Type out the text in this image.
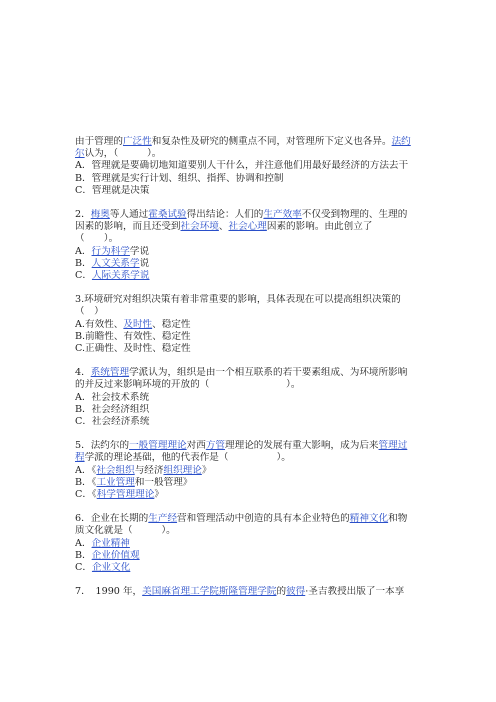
由于管理的广泛性和复杂性及研究的侧重点不同，对管理所下定义也各异。法约
尔认为，（　　　）。
A．管理就是要确切地知道要别人干什么，并注意他们用最好最经济的方法去干
B．管理就是实行计划、组织、指挥、协调和控制
C．管理就是决策
2．梅奥等人通过霍桑试验得出结论：人们的生产效率不仅受到物理的、生理的
因素的影响，而且还受到社会环境、社会心理因素的影响。由此创立了
（　　）。
A．行为科学学说
B．人文关系学说
C．人际关系学说
3.环境研究对组织决策有着非常重要的影响，具体表现在可以提高组织决策的
（　）
A.有效性、及时性、稳定性
B.前瞻性、有效性、稳定性
C.正确性、及时性、稳定性
4．系统管理学派认为，组织是由一个相互联系的若干要素组成、为环境所影响
的并反过来影响环境的开放的（　　　　　　　　）。
A．社会技术系统
B．社会经济组织
C．社会经济系统
5．法约尔的一般管理理论对西方管理理论的发展有重大影响，成为后来管理过
程学派的理论基础，他的代表作是（　　　　　）。
A．《社会组织与经济组织理论》
B．《工业管理和一般管理》
C．《科学管理理论》
6．企业在长期的生产经营和管理活动中创造的具有本企业特色的精神文化和物
质文化就是（　　　）。
A．企业精神
B．企业价值观
C．企业文化
7．　1990 年，美国麻省理工学院斯隆管理学院的彼得·圣吉教授出版了一本享
